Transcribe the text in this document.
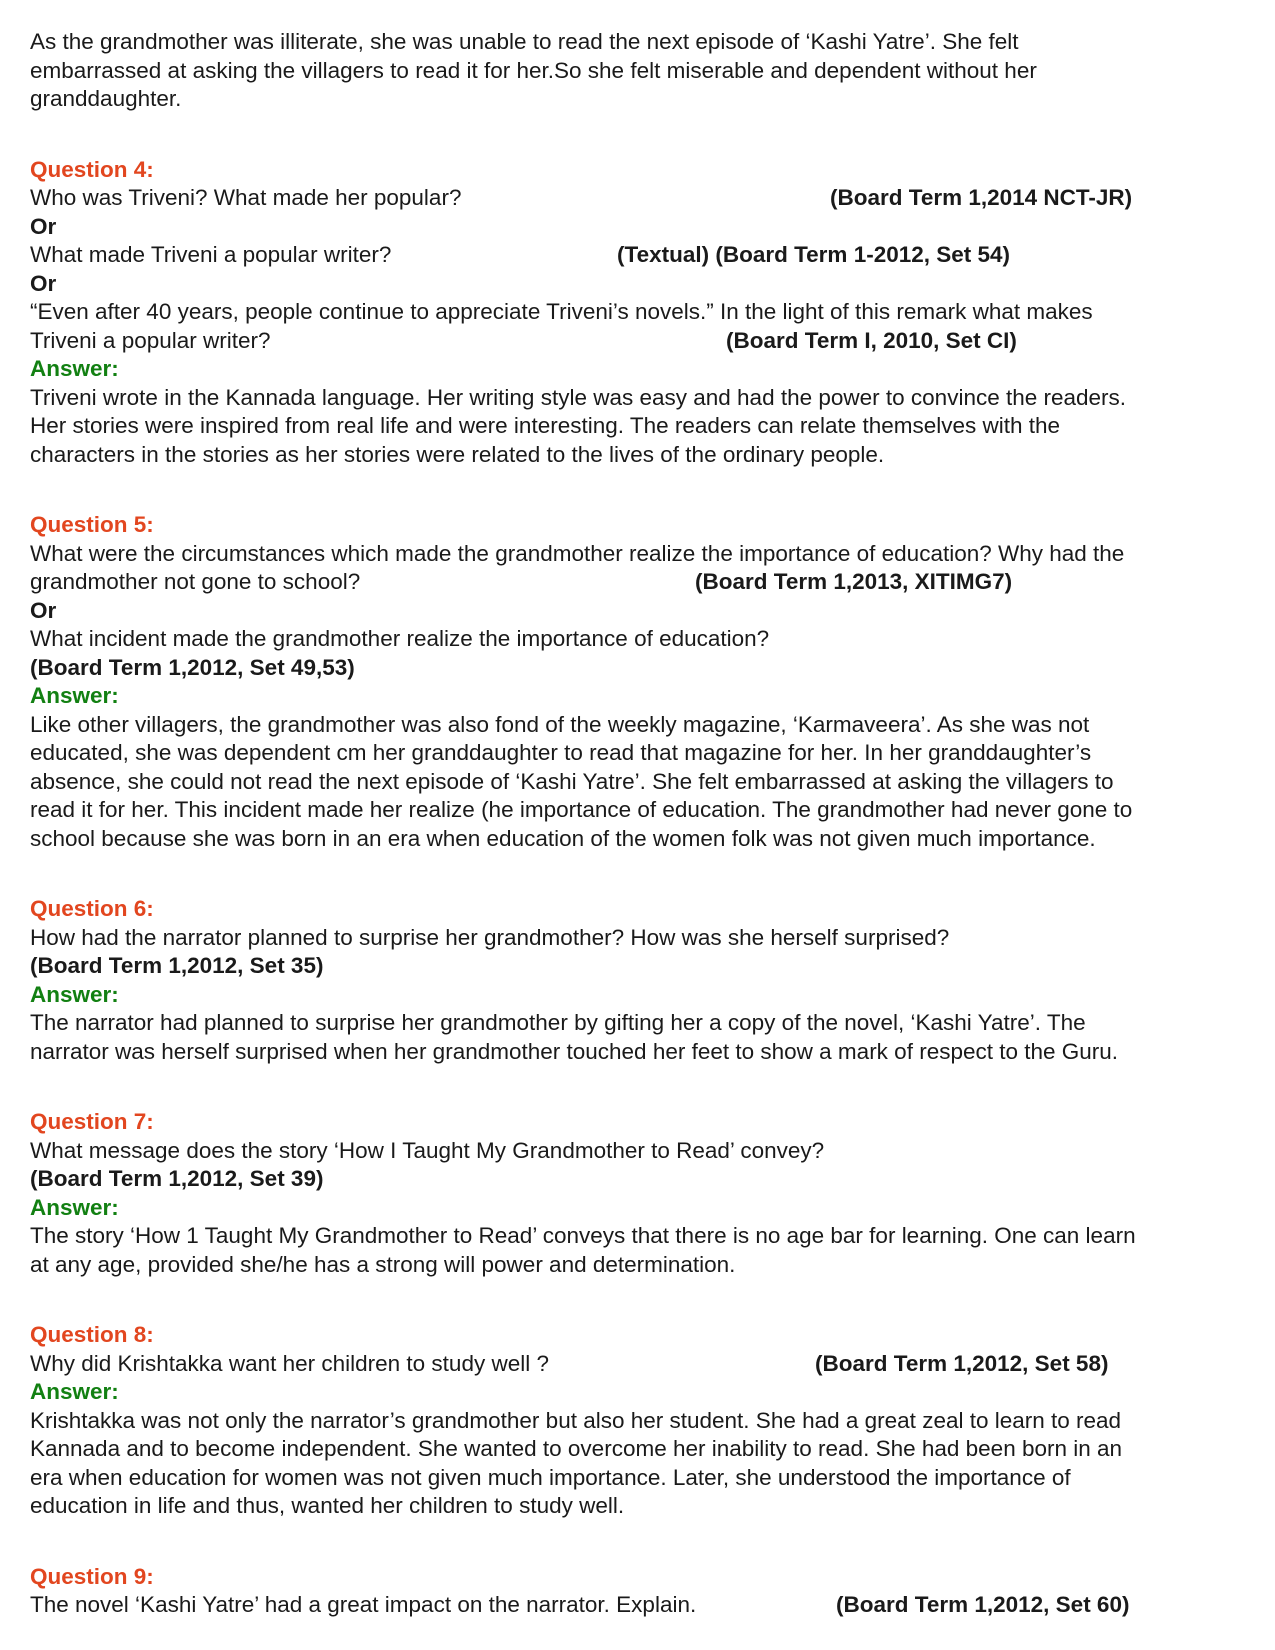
As the grandmother was illiterate, she was unable to read the next episode of ‘Kashi Yatre’. She felt
embarrassed at asking the villagers to read it for her.So she felt miserable and dependent without her
granddaughter.
Question 4:
Who was Triveni? What made her popular?	(Board Term 1,2014 NCT-JR)
Or
What made Triveni a popular writer?	(Textual) (Board Term 1-2012, Set 54)
Or
“Even after 40 years, people continue to appreciate Triveni’s novels.” In the light of this remark what makes
Triveni a popular writer?	(Board Term I, 2010, Set CI)
Answer:
Triveni wrote in the Kannada language. Her writing style was easy and had the power to convince the readers.
Her stories were inspired from real life and were interesting. The readers can relate themselves with the
characters in the stories as her stories were related to the lives of the ordinary people.
Question 5:
What were the circumstances which made the grandmother realize the importance of education? Why had the
grandmother not gone to school?	(Board Term 1,2013, XITIMG7)
Or
What incident made the grandmother realize the importance of education?
(Board Term 1,2012, Set 49,53)
Answer:
Like other villagers, the grandmother was also fond of the weekly magazine, ‘Karmaveera’. As she was not
educated, she was dependent cm her granddaughter to read that magazine for her. In her granddaughter’s
absence, she could not read the next episode of ‘Kashi Yatre’. She felt embarrassed at asking the villagers to
read it for her. This incident made her realize (he importance of education. The grandmother had never gone to
school because she was born in an era when education of the women folk was not given much importance.
Question 6:
How had the narrator planned to surprise her grandmother? How was she herself surprised?
(Board Term 1,2012, Set 35)
Answer:
The narrator had planned to surprise her grandmother by gifting her a copy of the novel, ‘Kashi Yatre’. The
narrator was herself surprised when her grandmother touched her feet to show a mark of respect to the Guru.
Question 7:
What message does the story ‘How I Taught My Grandmother to Read’ convey?
(Board Term 1,2012, Set 39)
Answer:
The story ‘How 1 Taught My Grandmother to Read’ conveys that there is no age bar for learning. One can learn
at any age, provided she/he has a strong will power and determination.
Question 8:
Why did Krishtakka want her children to study well ?	(Board Term 1,2012, Set 58)
Answer:
Krishtakka was not only the narrator’s grandmother but also her student. She had a great zeal to learn to read
Kannada and to become independent. She wanted to overcome her inability to read. She had been born in an
era when education for women was not given much importance. Later, she understood the importance of
education in life and thus, wanted her children to study well.
Question 9:
The novel ‘Kashi Yatre’ had a great impact on the narrator. Explain.	(Board Term 1,2012, Set 60)
